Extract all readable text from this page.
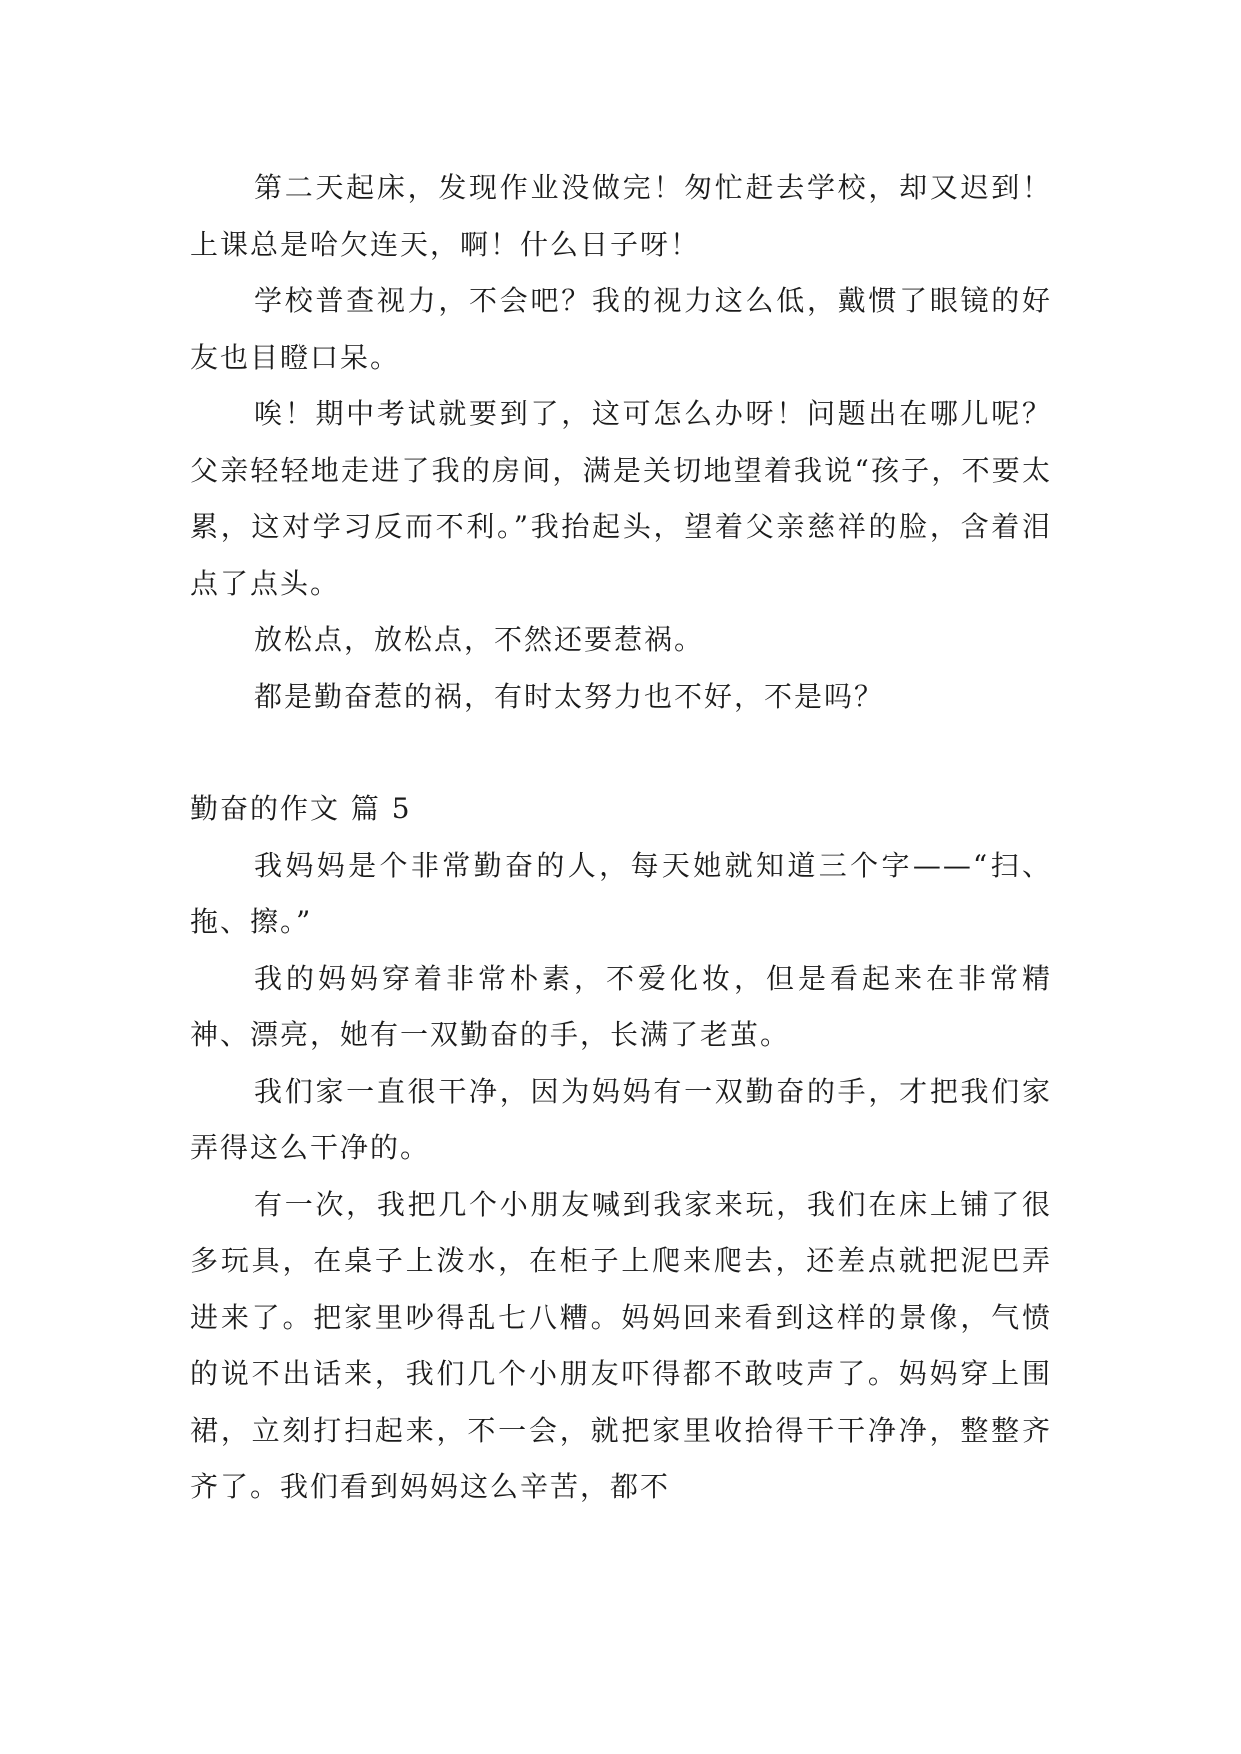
第二天起床，发现作业没做完！匆忙赶去学校，却又迟到！上课总是哈欠连天，啊！什么日子呀！

学校普查视力，不会吧？我的视力这么低，戴惯了眼镜的好友也目瞪口呆。

唉！期中考试就要到了，这可怎么办呀！问题出在哪儿呢？父亲轻轻地走进了我的房间，满是关切地望着我说“孩子，不要太累，这对学习反而不利。”我抬起头，望着父亲慈祥的脸，含着泪点了点头。

放松点，放松点，不然还要惹祸。

都是勤奋惹的祸，有时太努力也不好，不是吗？

勤奋的作文 篇 5

我妈妈是个非常勤奋的人，每天她就知道三个字——“扫、拖、擦。”

我的妈妈穿着非常朴素，不爱化妆，但是看起来在非常精神、漂亮，她有一双勤奋的手，长满了老茧。

我们家一直很干净，因为妈妈有一双勤奋的手，才把我们家弄得这么干净的。

有一次，我把几个小朋友喊到我家来玩，我们在床上铺了很多玩具，在桌子上泼水，在柜子上爬来爬去，还差点就把泥巴弄进来了。把家里吵得乱七八糟。妈妈回来看到这样的景像，气愤的说不出话来，我们几个小朋友吓得都不敢吱声了。妈妈穿上围裙，立刻打扫起来，不一会，就把家里收拾得干干净净，整整齐齐了。我们看到妈妈这么辛苦，都不
